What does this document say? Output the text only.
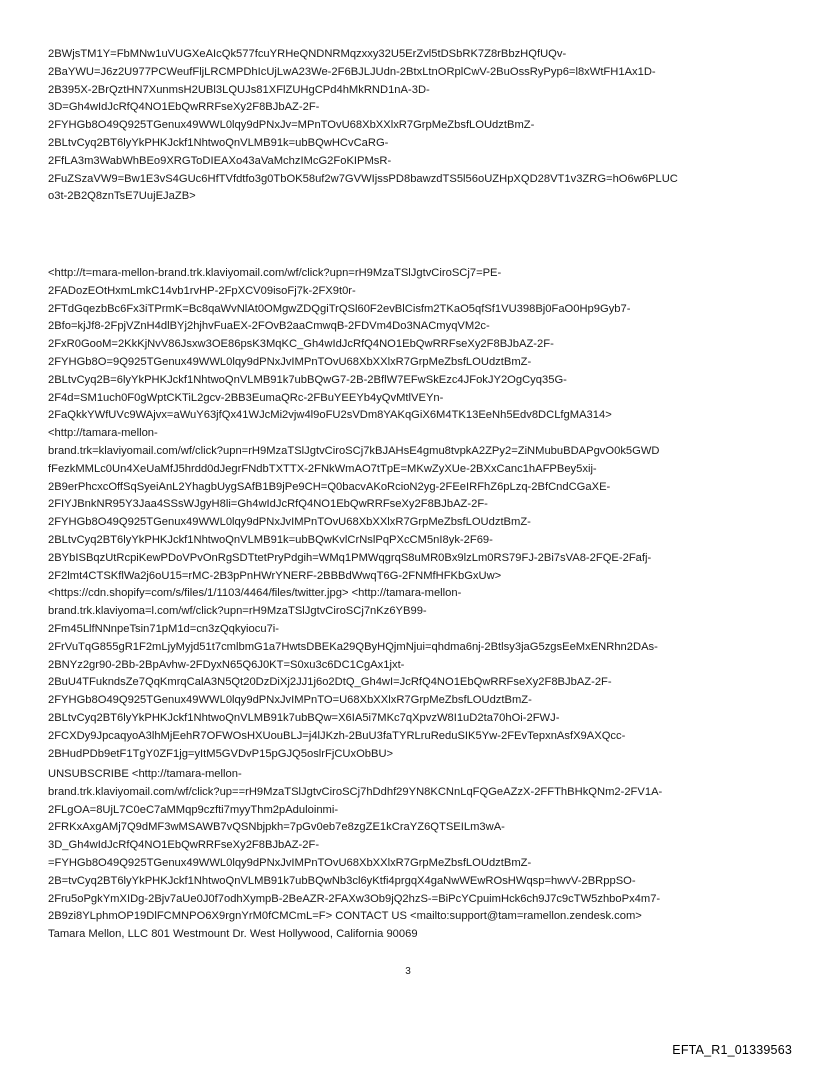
2BWjsTM1Y=FbMNw1uVUGXeAIcQk577fcuYRHeQNDNRMqzxxy32U5ErZvl5tDSbRK7Z8rBbzHQfUQv-
2BaYWU=J6z2U977PCWeufFljLRCMPDhIcUjLwA23We-2F6BJLJUdn-2BtxLtnORplCwV-2BuOssRyPyp6=l8xWtFH1Ax1D-
2B395X-2BrQztHN7XunmsH2UBl3LQUJs81XFlZUHgCPd4hMkRND1nA-3D-
3D=Gh4wIdJcRfQ4NO1EbQwRRFseXy2F8BJbAZ-2F-
2FYHGb8O49Q925TGenux49WWL0lqy9dPNxJv=MPnTOvU68XbXXlxR7GrpMeZbsfLOUdztBmZ-
2BLtvCyq2BT6lyYkPHKJckf1NhtwoQnVLMB91k=ubBQwHCvCaRG-
2FfLA3m3WabWhBEo9XRGToDIEAXo43aVaMchzIMcG2FoKIPMsR-
2FuZSzaVW9=Bw1E3vS4GUc6HfTVfdtfo3g0TbOK58uf2w7GVWIjssPD8bawzdTS5l56oUZHpXQD28VT1v3ZRG=hO6w6PLUC
o3t-2B2Q8znTsE7UujEJaZB>
<http://t=mara-mellon-brand.trk.klaviyomail.com/wf/click?upn=rH9MzaTSlJgtvCiroSCj7=PE-
2FADozEOtHxmLmkC14vb1rvHP-2FpXCV09isoFj7k-2FX9t0r-
2FTdGqezbBc6Fx3iTPrmK=Bc8qaWvNlAt0OMgwZDQgiTrQSl60F2evBlCisfm2TKaO5qfSf1VU398Bj0FaO0Hp9Gyb7-
2Bfo=kjJf8-2FpjVZnH4dlBYj2hjhvFuaEX-2FOvB2aaCmwqB-2FDVm4Do3NACmyqVM2c-
2FxR0GooM=2KkKjNvV86Jsxw3OE86psK3MqKC_Gh4wIdJcRfQ4NO1EbQwRRFseXy2F8BJbAZ-2F-
2FYHGb8O=9Q925TGenux49WWL0lqy9dPNxJvIMPnTOvU68XbXXlxR7GrpMeZbsfLOUdztBmZ-
2BLtvCyq2B=6lyYkPHKJckf1NhtwoQnVLMB91k7ubBQwG7-2B-2BflW7EFwSkEzc4JFokJY2OgCyq35G-
2F4d=SM1uch0F0gWptCKTiL2gcv-2BB3EumaQRc-2FBuYEEYb4yQvMtlVEYn-
2FaQkkYWfUVc9WAjvx=aWuY63jfQx41WJcMi2vjw4l9oFU2sVDm8YAKqGiX6M4TK13EeNh5Edv8DCLfgMA314>
<http://tamara-mellon-
brand.trk=klaviyomail.com/wf/click?upn=rH9MzaTSlJgtvCiroSCj7kBJAHsE4gmu8tvpkA2ZPy2=ZiNMubuBDAPgvO0k5GWD
fFezkMMLc0Un4XeUaMfJ5hrdd0dJegrFNdbTXTTX-2FNkWmAO7tTpE=MKwZyXUe-2BXxCanc1hAFPBey5xij-
2B9erPhcxcOffSqSyeiAnL2YhagbUygSAfB1B9jPe9CH=Q0bacvAKoRcioN2yg-2FEeIRFhZ6pLzq-2BfCndCGaXE-
2FIYJBnkNR95Y3Jaa4SSsWJgyH8li=Gh4wIdJcRfQ4NO1EbQwRRFseXy2F8BJbAZ-2F-
2FYHGb8O49Q925TGenux49WWL0lqy9dPNxJvIMPnTOvU68XbXXlxR7GrpMeZbsfLOUdztBmZ-
2BLtvCyq2BT6lyYkPHKJckf1NhtwoQnVLMB91k=ubBQwKvlCrNslPqPXcCM5nI8yk-2F69-
2BYbISBqzUtRcpiKewPDoVPvOnRgSDTtetPryPdgih=WMq1PMWqgrqS8uMR0Bx9lzLm0RS79FJ-2Bi7sVA8-2FQE-2Fafj-
2F2lmt4CTSKflWa2j6oU15=rMC-2B3pPnHWrYNERF-2BBBdWwqT6G-2FNMfHFKbGxUw>
<https://cdn.shopify=com/s/files/1/1103/4464/files/twitter.jpg> <http://tamara-mellon-
brand.trk.klaviyoma=l.com/wf/click?upn=rH9MzaTSlJgtvCiroSCj7nKz6YB99-
2Fm45LlfNNnpeTsin71pM1d=cn3zQqkyiocu7i-
2FrVuTqG855gR1F2mLjyMyjd51t7cmlbmG1a7HwtsDBEKa29QByHQjmNjui=qhdma6nj-2Btlsy3jaG5zgsEeMxENRhn2DAs-
2BNYz2gr90-2Bb-2BpAvhw-2FDyxN65Q6J0KT=S0xu3c6DC1CgAx1jxt-
2BuU4TFukndsZe7QqKmrqCalA3N5Qt20DzDiXj2JJ1j6o2DtQ_Gh4wI=JcRfQ4NO1EbQwRRFseXy2F8BJbAZ-2F-
2FYHGb8O49Q925TGenux49WWL0lqy9dPNxJvIMPnTO=U68XbXXlxR7GrpMeZbsfLOUdztBmZ-
2BLtvCyq2BT6lyYkPHKJckf1NhtwoQnVLMB91k7ubBQw=X6IA5i7MKc7qXpvzW8I1uD2ta70hOi-2FWJ-
2FCXDy9JpcaqyoA3lhMjEehR7OFWOsHXUouBLJ=j4lJKzh-2BuU3faTYRLruReduSIK5Yw-2FEvTepxnAsfX9AXQcc-
2BHudPDb9etF1TgY0ZF1jg=yItM5GVDvP15pGJQ5oslrFjCUxObBU>
UNSUBSCRIBE <http://tamara-mellon-
brand.trk.klaviyomail.com/wf/click?up==rH9MzaTSlJgtvCiroSCj7hDdhf29YN8KCNnLqFQGeAZzX-2FFThBHkQNm2-2FV1A-
2FLgOA=8UjL7C0eC7aMMqp9czfti7myyThm2pAduloinmi-
2FRKxAxgAMj7Q9dMF3wMSAWB7vQSNbjpkh=7pGv0eb7e8zgZE1kCraYZ6QTSEILm3wA-
3D_Gh4wIdJcRfQ4NO1EbQwRRFseXy2F8BJbAZ-2F-
=FYHGb8O49Q925TGenux49WWL0lqy9dPNxJvIMPnTOvU68XbXXlxR7GrpMeZbsfLOUdztBmZ-
2B=tvCyq2BT6lyYkPHKJckf1NhtwoQnVLMB91k7ubBQwNb3cl6yKtfi4prgqX4gaNwWEwROsHWqsp=hwvV-2BRppSO-
2Fru5oPgkYmXIDg-2Bjv7aUe0J0f7odhXympB-2BeAZR-2FAXw3Ob9jQ2hzS-=BiPcYCpuimHck6ch9J7c9cTW5zhboPx4m7-
2B9zi8YLphmOP19DlFCMNPO6X9rgnYrM0fCMCmL=F> CONTACT US <mailto:support@tam=ramellon.zendesk.com>
Tamara Mellon, LLC 801 Westmount Dr. West Hollywood, California 90069
3
EFTA_R1_01339563
